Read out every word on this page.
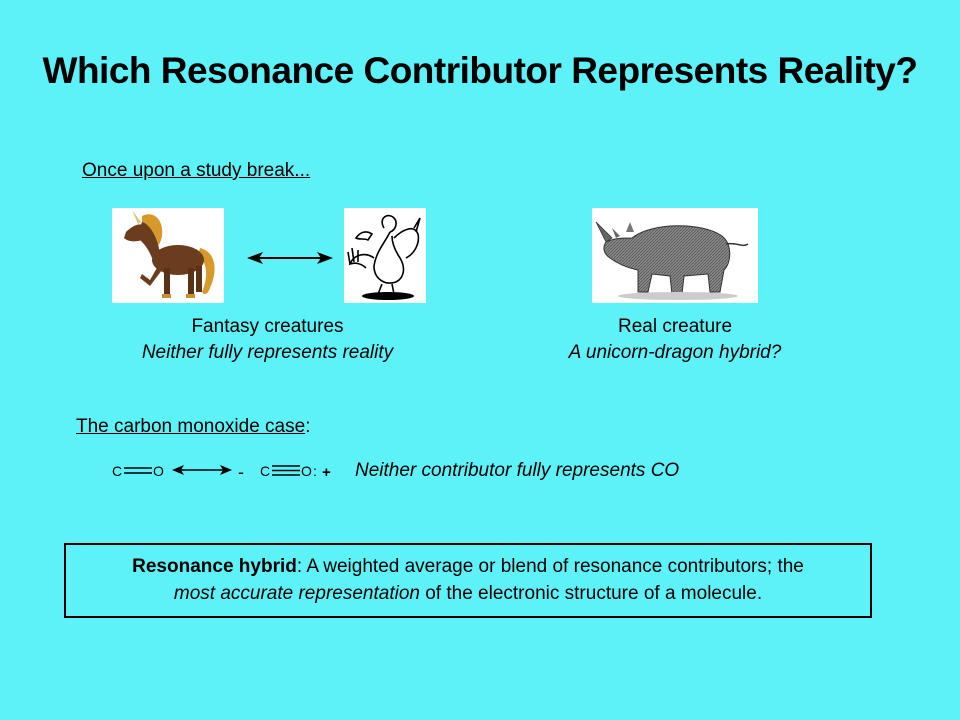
Which Resonance Contributor Represents Reality?
Once upon a study break...
Fantasy creatures
Neither fully represents reality
Real creature
A unicorn-dragon hybrid?
The carbon monoxide case:
C O	- C O : + Neither contributor fully represents CO
Resonance hybrid: A weighted average or blend of resonance contributors; the
most accurate representation of the electronic structure of a molecule.
